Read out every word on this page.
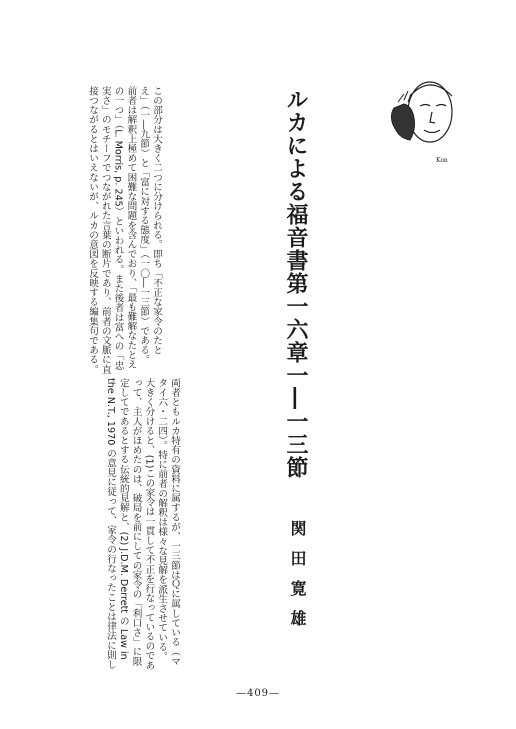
Kon
ルカによる福音書第一六章一―一三節
関田寛雄

この部分は大きく二つに分けられる。即ち「不正な家令のたと

え」（一―九節）と「富に対する態度」（一〇―一三節）である。

前者は解釈上極めて困難な問題を含んでおり、「最も難解なたとえ

の一つ」（L. Morris, p. 245）といわれる。また後者は富への「忠

実さ」のモチーフでつながれた言葉の断片であり、前者の文脈に直

接つながるとはいえないが、ルカの意図を反映する編集句である。

両者ともルカ特有の資料に属するが、一三節はＱに属している（マ

タイ六・二四）。特に前者の解釈は様々な見解を派生させている。

大きく分けると、(1)この家令は一貫して不正を行なっているのであ

って、主人がほめたのは、破局を前にしての家令の「利口さ」に限

定してであるとする伝統的見解と、(2) J.D.M. Derrett の Law in

the N.T., 1970 の意見に従って、家令の行なったことは律法に則し

—409—
